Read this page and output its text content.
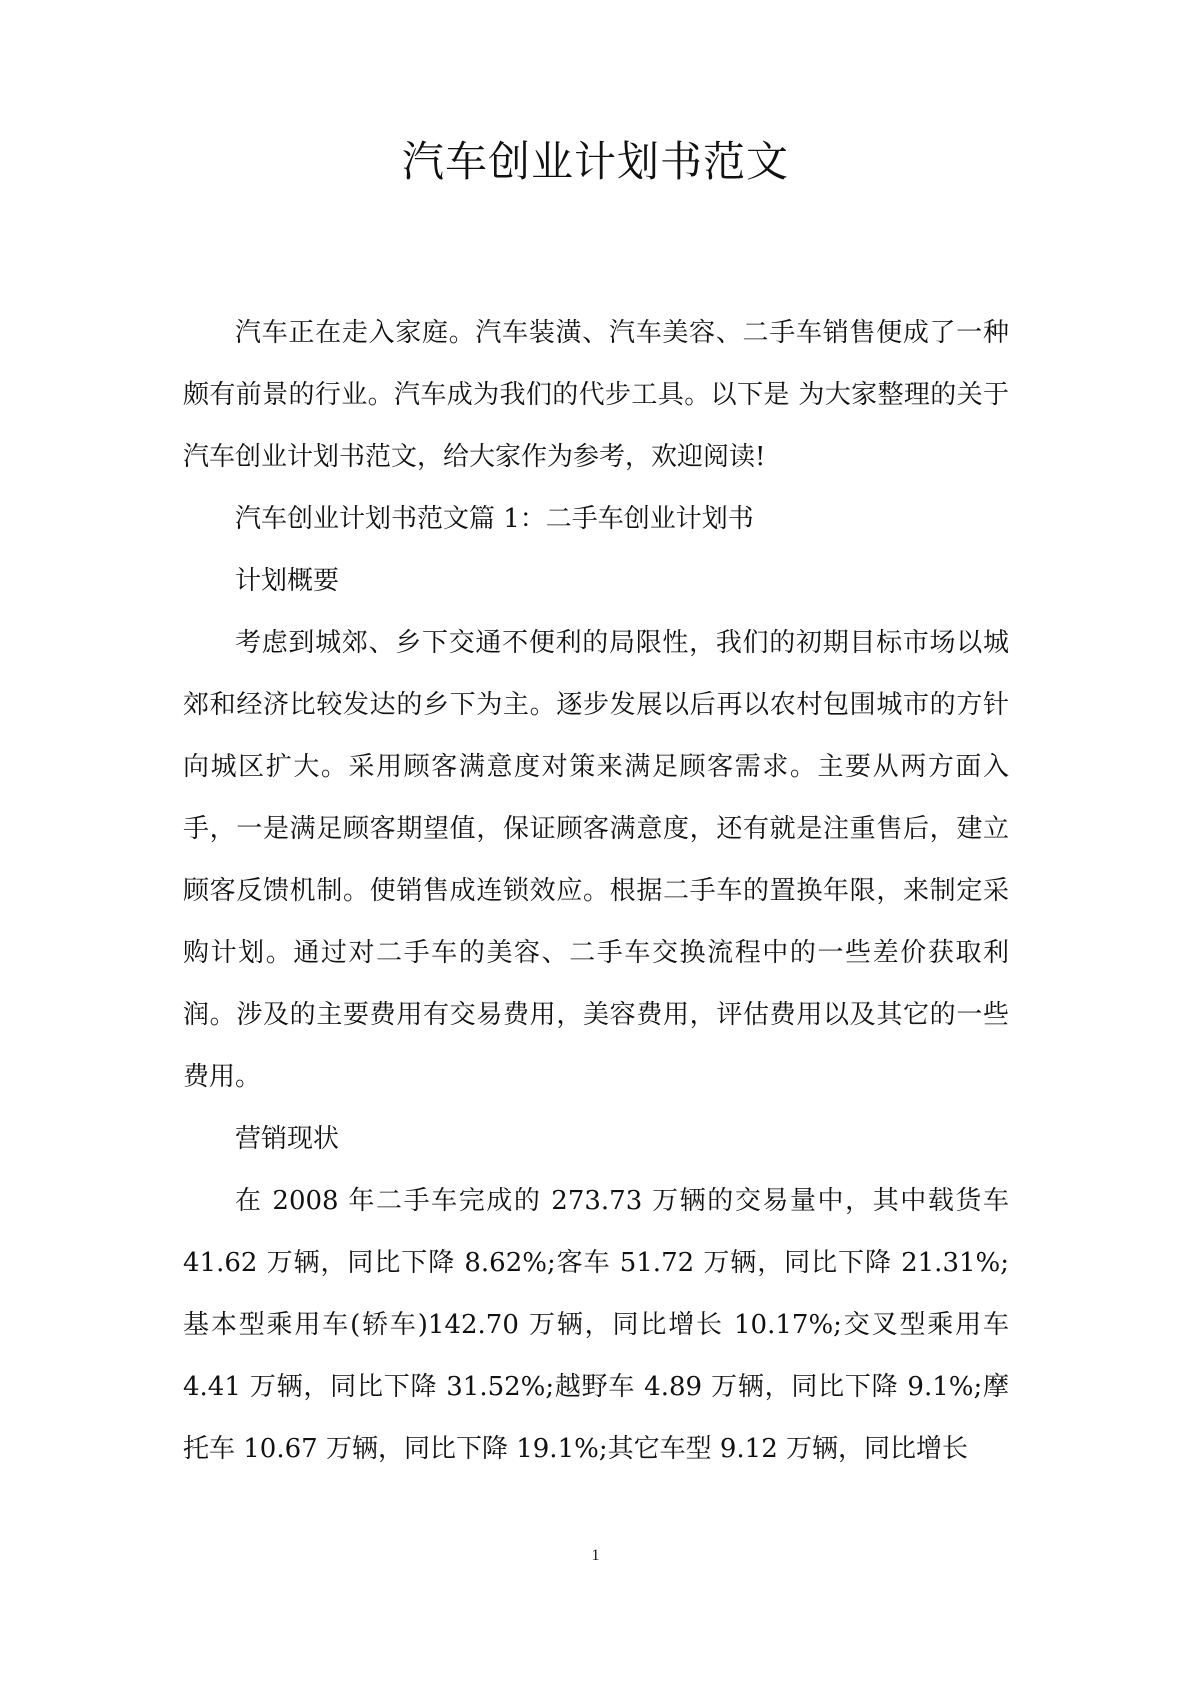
汽车创业计划书范文

汽车正在走入家庭。汽车装潢、汽车美容、二手车销售便成了一种颇有前景的行业。汽车成为我们的代步工具。以下是 为大家整理的关于汽车创业计划书范文，给大家作为参考，欢迎阅读!

汽车创业计划书范文篇 1：二手车创业计划书

计划概要

考虑到城郊、乡下交通不便利的局限性，我们的初期目标市场以城郊和经济比较发达的乡下为主。逐步发展以后再以农村包围城市的方针向城区扩大。采用顾客满意度对策来满足顾客需求。主要从两方面入手，一是满足顾客期望值，保证顾客满意度，还有就是注重售后，建立顾客反馈机制。使销售成连锁效应。根据二手车的置换年限，来制定采购计划。通过对二手车的美容、二手车交换流程中的一些差价获取利润。涉及的主要费用有交易费用，美容费用，评估费用以及其它的一些费用。

营销现状

在 2008 年二手车完成的 273.73 万辆的交易量中，其中载货车 41.62 万辆，同比下降 8.62%;客车 51.72 万辆，同比下降 21.31%;基本型乘用车(轿车)142.70 万辆，同比增长 10.17%;交叉型乘用车 4.41 万辆，同比下降 31.52%;越野车 4.89 万辆，同比下降 9.1%;摩托车 10.67 万辆，同比下降 19.1%;其它车型 9.12 万辆，同比增长

1
